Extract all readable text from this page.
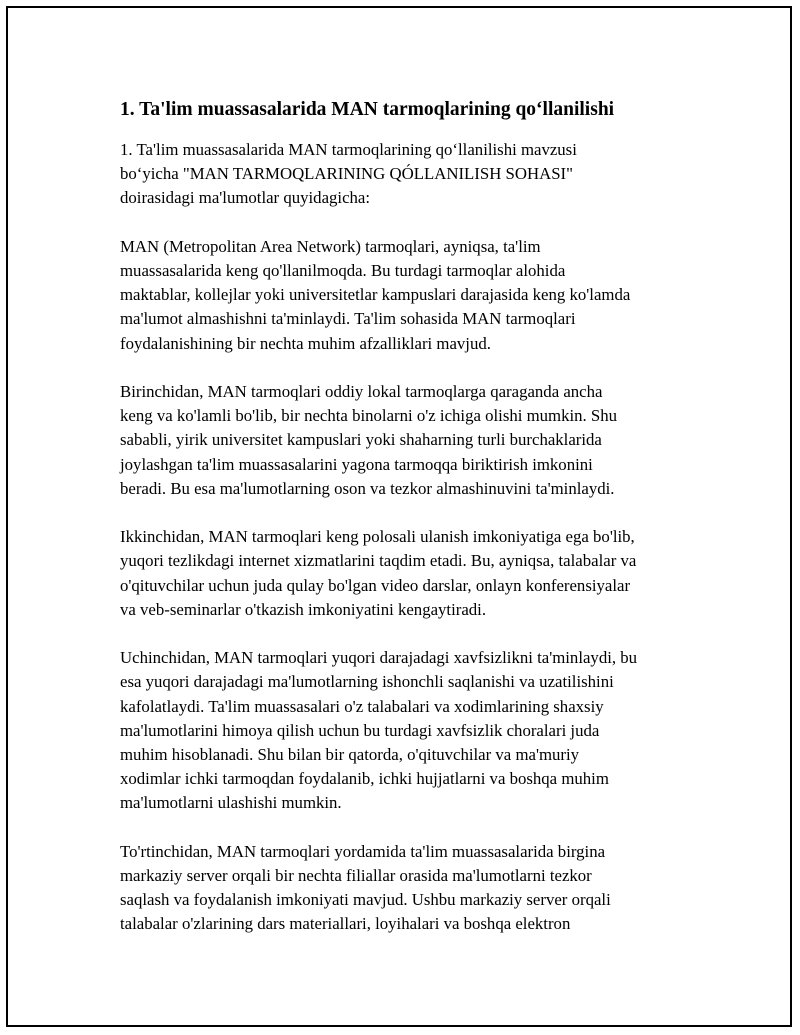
1. Ta'lim muassasalarida MAN tarmoqlarining qo‘llanilishi

1. Ta'lim muassasalarida MAN tarmoqlarining qo‘llanilishi mavzusi
bo‘yicha "MAN TARMOQLARINING QÓLLANILISH SOHASI"
doirasidagi ma'lumotlar quyidagicha:

MAN (Metropolitan Area Network) tarmoqlari, ayniqsa, ta'lim
muassasalarida keng qo'llanilmoqda. Bu turdagi tarmoqlar alohida
maktablar, kollejlar yoki universitetlar kampuslari darajasida keng ko'lamda
ma'lumot almashishni ta'minlaydi. Ta'lim sohasida MAN tarmoqlari
foydalanishining bir nechta muhim afzalliklari mavjud.

Birinchidan, MAN tarmoqlari oddiy lokal tarmoqlarga qaraganda ancha
keng va ko'lamli bo'lib, bir nechta binolarni o'z ichiga olishi mumkin. Shu
sababli, yirik universitet kampuslari yoki shaharning turli burchaklarida
joylashgan ta'lim muassasalarini yagona tarmoqqa biriktirish imkonini
beradi. Bu esa ma'lumotlarning oson va tezkor almashinuvini ta'minlaydi.

Ikkinchidan, MAN tarmoqlari keng polosali ulanish imkoniyatiga ega bo'lib,
yuqori tezlikdagi internet xizmatlarini taqdim etadi. Bu, ayniqsa, talabalar va
o'qituvchilar uchun juda qulay bo'lgan video darslar, onlayn konferensiyalar
va veb-seminarlar o'tkazish imkoniyatini kengaytiradi.

Uchinchidan, MAN tarmoqlari yuqori darajadagi xavfsizlikni ta'minlaydi, bu
esa yuqori darajadagi ma'lumotlarning ishonchli saqlanishi va uzatilishini
kafolatlaydi. Ta'lim muassasalari o'z talabalari va xodimlarining shaxsiy
ma'lumotlarini himoya qilish uchun bu turdagi xavfsizlik choralari juda
muhim hisoblanadi. Shu bilan bir qatorda, o'qituvchilar va ma'muriy
xodimlar ichki tarmoqdan foydalanib, ichki hujjatlarni va boshqa muhim
ma'lumotlarni ulashishi mumkin.

To'rtinchidan, MAN tarmoqlari yordamida ta'lim muassasalarida birgina
markaziy server orqali bir nechta filiallar orasida ma'lumotlarni tezkor
saqlash va foydalanish imkoniyati mavjud. Ushbu markaziy server orqali
talabalar o'zlarining dars materiallari, loyihalari va boshqa elektron
